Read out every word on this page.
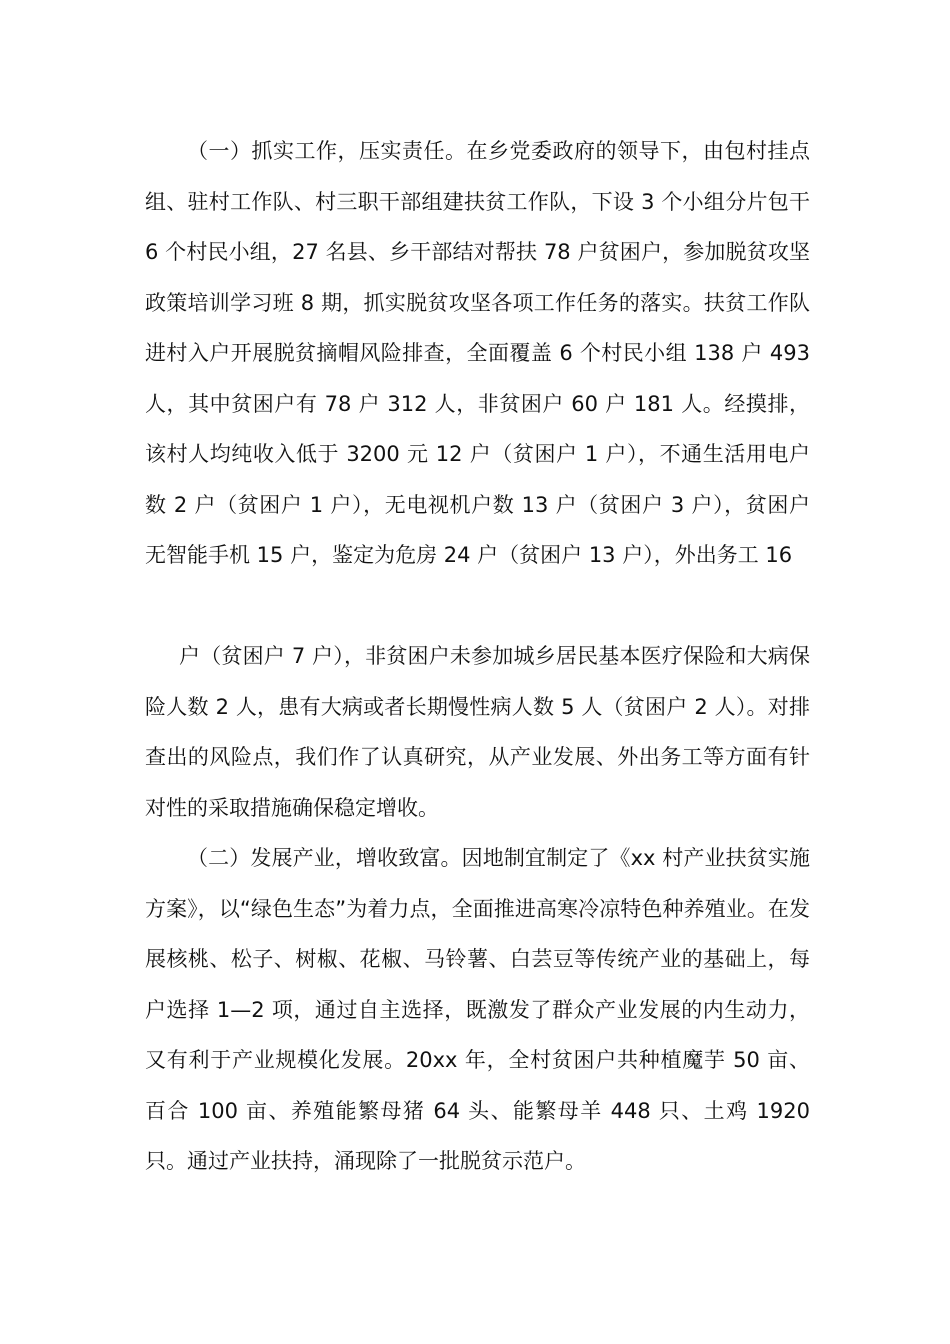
（一）抓实工作，压实责任。在乡党委政府的领导下，由包村挂点组、驻村工作队、村三职干部组建扶贫工作队，下设 3 个小组分片包干 6 个村民小组，27 名县、乡干部结对帮扶 78 户贫困户，参加脱贫攻坚政策培训学习班 8 期，抓实脱贫攻坚各项工作任务的落实。扶贫工作队进村入户开展脱贫摘帽风险排查，全面覆盖 6 个村民小组 138 户 493 人，其中贫困户有 78 户 312 人，非贫困户 60 户 181 人。经摸排，该村人均纯收入低于 3200 元 12 户（贫困户 1 户），不通生活用电户数 2 户（贫困户 1 户），无电视机户数 13 户（贫困户 3 户），贫困户无智能手机 15 户，鉴定为危房 24 户（贫困户 13 户），外出务工 16

户（贫困户 7 户），非贫困户未参加城乡居民基本医疗保险和大病保险人数 2 人，患有大病或者长期慢性病人数 5 人（贫困户 2 人）。对排查出的风险点，我们作了认真研究，从产业发展、外出务工等方面有针对性的采取措施确保稳定增收。

（二）发展产业，增收致富。因地制宜制定了《xx 村产业扶贫实施方案》，以“绿色生态”为着力点，全面推进高寒冷凉特色种养殖业。在发展核桃、松子、树椒、花椒、马铃薯、白芸豆等传统产业的基础上，每户选择 1—2 项，通过自主选择，既激发了群众产业发展的内生动力，又有利于产业规模化发展。20xx 年，全村贫困户共种植魔芋 50 亩、百合 100 亩、养殖能繁母猪 64 头、能繁母羊 448 只、土鸡 1920 只。通过产业扶持，涌现除了一批脱贫示范户。
